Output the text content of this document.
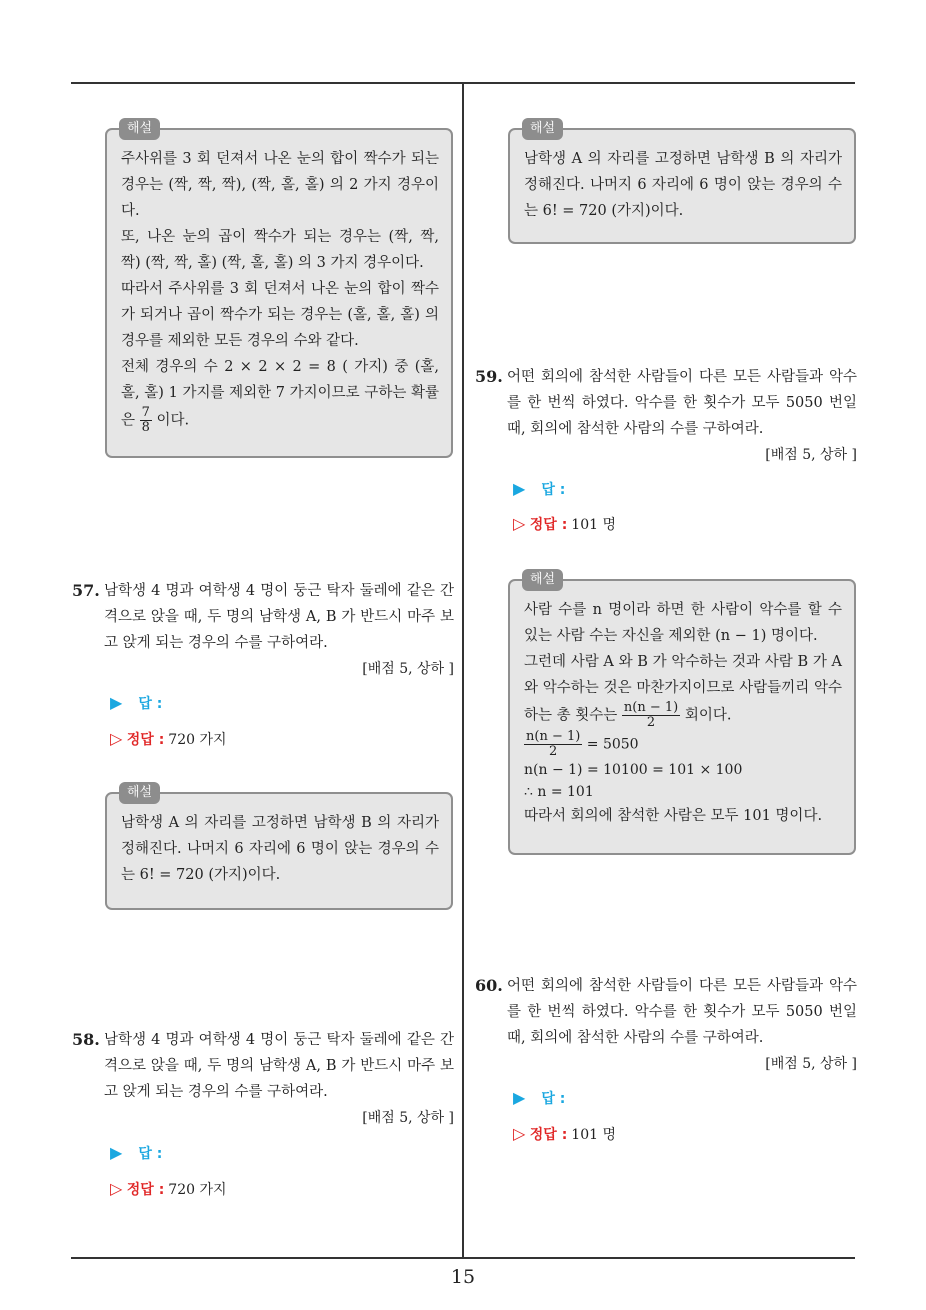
해설

주사위를 3 회 던져서 나온 눈의 합이 짝수가 되는 경우는 (짝, 짝, 짝), (짝, 홀, 홀) 의 2 가지 경우이다.

또, 나온 눈의 곱이 짝수가 되는 경우는 (짝, 짝, 짝) (짝, 짝, 홀) (짝, 홀, 홀) 의 3 가지 경우이다.

따라서 주사위를 3 회 던져서 나온 눈의 합이 짝수가 되거나 곱이 짝수가 되는 경우는 (홀, 홀, 홀) 의 경우를 제외한 모든 경우의 수와 같다.

전체 경우의 수 2 × 2 × 2 = 8 ( 가지) 중 (홀, 홀, 홀) 1 가지를 제외한 7 가지이므로 구하는 확률은 $\frac{7}{8}$ 이다.

57. 남학생 4 명과 여학생 4 명이 둥근 탁자 둘레에 같은 간격으로 앉을 때, 두 명의 남학생 A, B 가 반드시 마주 보고 앉게 되는 경우의 수를 구하여라.
[배점 5, 상하 ]
▶ 답 :
▷ 정답 : 720 가지
해설

남학생 A 의 자리를 고정하면 남학생 B 의 자리가 정해진다. 나머지 6 자리에 6 명이 앉는 경우의 수는 6! = 720 (가지)이다.

58. 남학생 4 명과 여학생 4 명이 둥근 탁자 둘레에 같은 간격으로 앉을 때, 두 명의 남학생 A, B 가 반드시 마주 보고 앉게 되는 경우의 수를 구하여라.
[배점 5, 상하 ]
▶ 답 :
▷ 정답 : 720 가지
해설

남학생 A 의 자리를 고정하면 남학생 B 의 자리가 정해진다. 나머지 6 자리에 6 명이 앉는 경우의 수는 6! = 720 (가지)이다.

59. 어떤 회의에 참석한 사람들이 다른 모든 사람들과 악수를 한 번씩 하였다. 악수를 한 횟수가 모두 5050 번일 때, 회의에 참석한 사람의 수를 구하여라.
[배점 5, 상하 ]
▶ 답 :
▷ 정답 : 101 명
해설

사람 수를 n 명이라 하면 한 사람이 악수를 할 수 있는 사람 수는 자신을 제외한 (n − 1) 명이다.

그런데 사람 A 와 B 가 악수하는 것과 사람 B 가 A 와 악수하는 것은 마찬가지이므로 사람들끼리 악수하는 총 횟수는 $\frac{n(n - 1)}{2}$ 회이다.

$\frac{n(n - 1)}{2} = 5050$
n(n − 1) = 10100 = 101 × 100
∴ n = 101

따라서 회의에 참석한 사람은 모두 101 명이다.

60. 어떤 회의에 참석한 사람들이 다른 모든 사람들과 악수를 한 번씩 하였다. 악수를 한 횟수가 모두 5050 번일 때, 회의에 참석한 사람의 수를 구하여라.
[배점 5, 상하 ]
▶ 답 :
▷ 정답 : 101 명
15
